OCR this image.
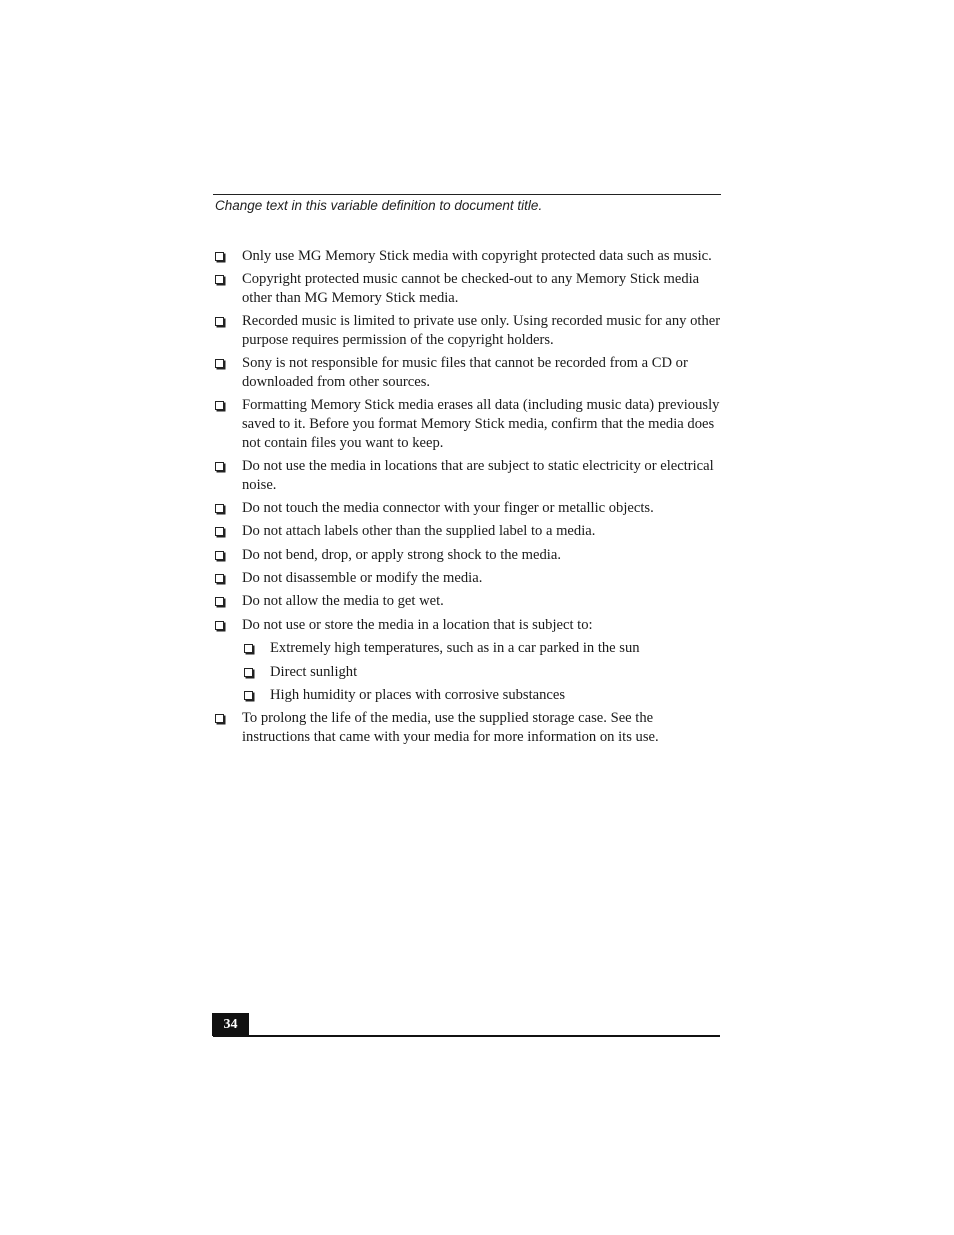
Change text in this variable definition to document title.
Only use MG Memory Stick media with copyright protected data such as music.
Copyright protected music cannot be checked-out to any Memory Stick media other than MG Memory Stick media.
Recorded music is limited to private use only. Using recorded music for any other purpose requires permission of the copyright holders.
Sony is not responsible for music files that cannot be recorded from a CD or downloaded from other sources.
Formatting Memory Stick media erases all data (including music data) previously saved to it. Before you format Memory Stick media, confirm that the media does not contain files you want to keep.
Do not use the media in locations that are subject to static electricity or electrical noise.
Do not touch the media connector with your finger or metallic objects.
Do not attach labels other than the supplied label to a media.
Do not bend, drop, or apply strong shock to the media.
Do not disassemble or modify the media.
Do not allow the media to get wet.
Do not use or store the media in a location that is subject to:
Extremely high temperatures, such as in a car parked in the sun
Direct sunlight
High humidity or places with corrosive substances
To prolong the life of the media, use the supplied storage case. See the instructions that came with your media for more information on its use.
34
